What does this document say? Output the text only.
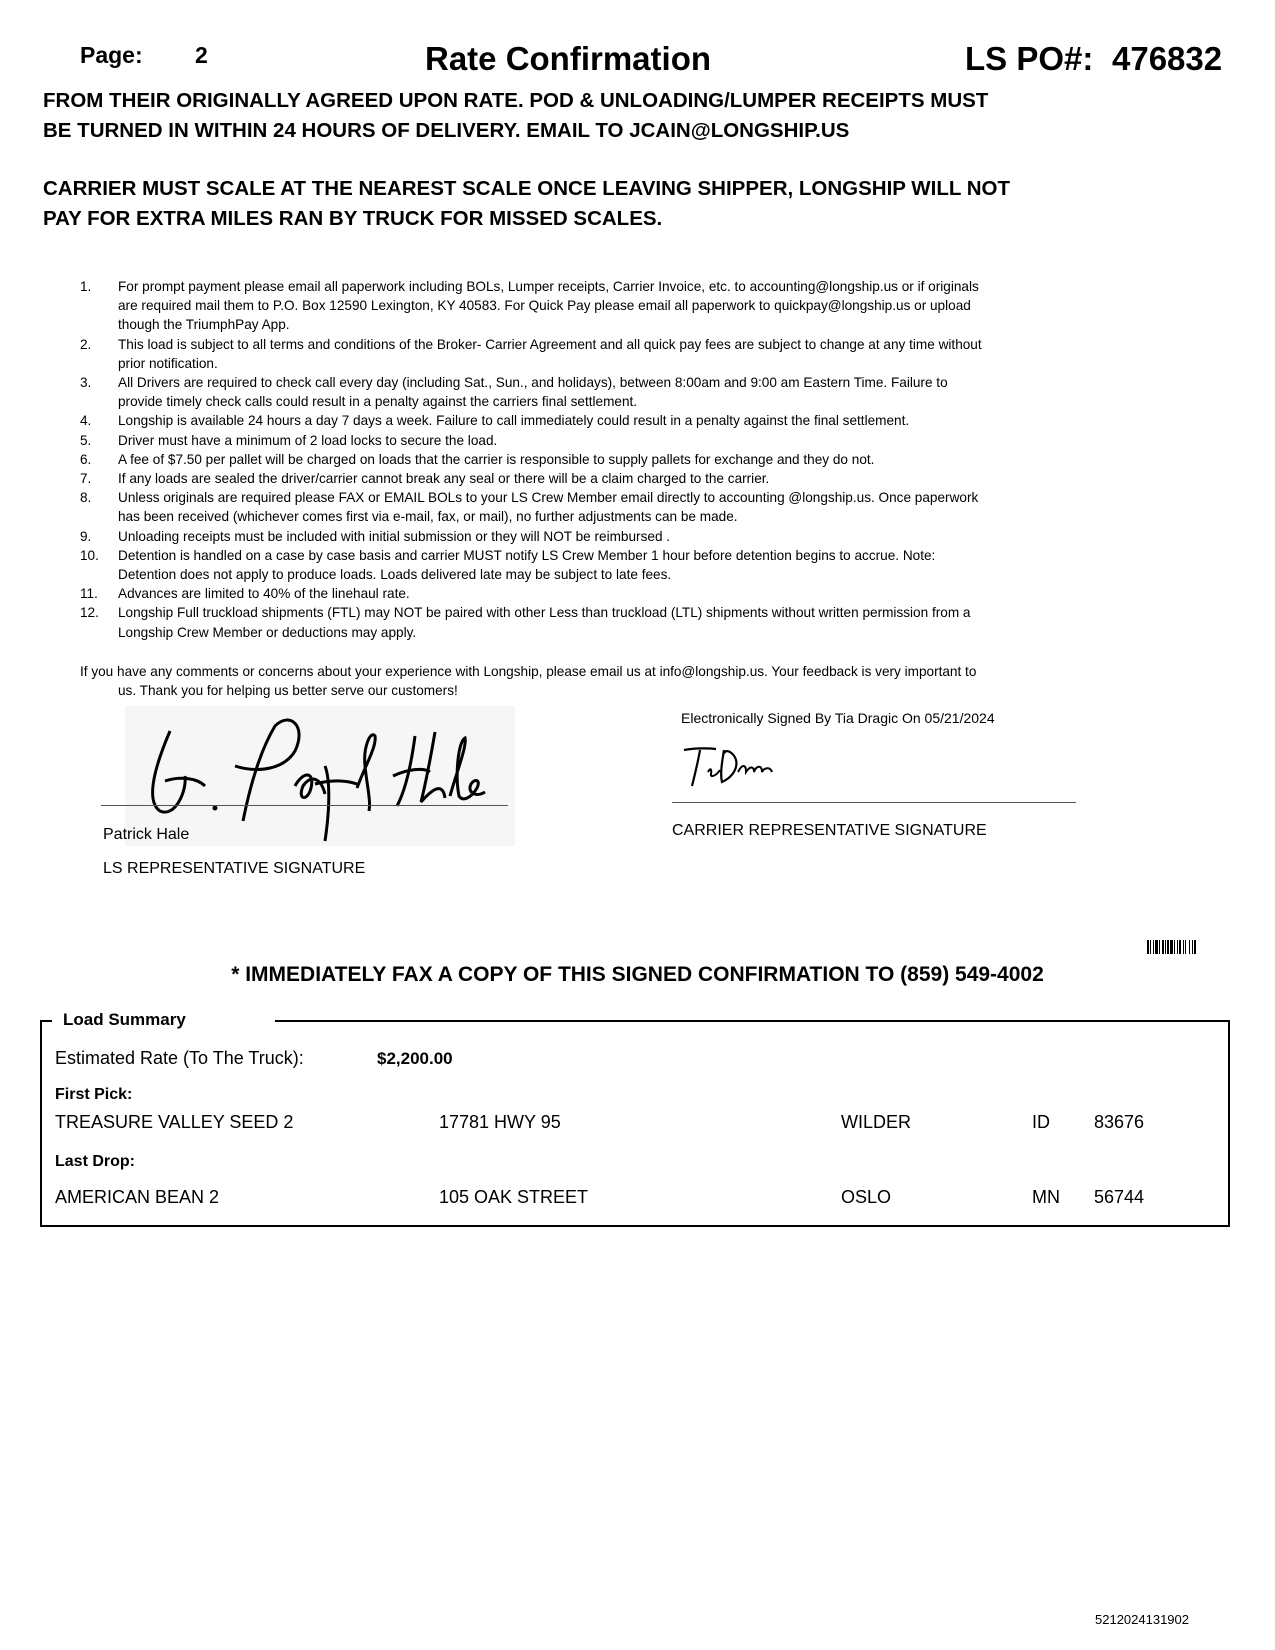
Page: 2	Rate Confirmation	LS PO#: 476832
FROM THEIR ORIGINALLY AGREED UPON RATE. POD & UNLOADING/LUMPER RECEIPTS MUST
BE TURNED IN WITHIN 24 HOURS OF DELIVERY. EMAIL TO JCAIN@LONGSHIP.US
CARRIER MUST SCALE AT THE NEAREST SCALE ONCE LEAVING SHIPPER, LONGSHIP WILL NOT
PAY FOR EXTRA MILES RAN BY TRUCK FOR MISSED SCALES.
1.	For prompt payment please email all paperwork including BOLs, Lumper receipts, Carrier Invoice, etc. to accounting@longship.us or if originals
are required mail them to P.O. Box 12590 Lexington, KY 40583. For Quick Pay please email all paperwork to quickpay@longship.us or upload
though the TriumphPay App.
2.	This load is subject to all terms and conditions of the Broker- Carrier Agreement and all quick pay fees are subject to change at any time without
prior notification.
3.	All Drivers are required to check call every day (including Sat., Sun., and holidays), between 8:00am and 9:00 am Eastern Time. Failure to
provide timely check calls could result in a penalty against the carriers final settlement.
4.	Longship is available 24 hours a day 7 days a week. Failure to call immediately could result in a penalty against the final settlement.
5.	Driver must have a minimum of 2 load locks to secure the load.
6.	A fee of $7.50 per pallet will be charged on loads that the carrier is responsible to supply pallets for exchange and they do not.
7.	If any loads are sealed the driver/carrier cannot break any seal or there will be a claim charged to the carrier.
8.	Unless originals are required please FAX or EMAIL BOLs to your LS Crew Member email directly to accounting @longship.us. Once paperwork
has been received (whichever comes first via e-mail, fax, or mail), no further adjustments can be made.
9.	Unloading receipts must be included with initial submission or they will NOT be reimbursed .
10.	Detention is handled on a case by case basis and carrier MUST notify LS Crew Member 1 hour before detention begins to accrue. Note:
Detention does not apply to produce loads. Loads delivered late may be subject to late fees.
11.	Advances are limited to 40% of the linehaul rate.
12.	Longship Full truckload shipments (FTL) may NOT be paired with other Less than truckload (LTL) shipments without written permission from a
Longship Crew Member or deductions may apply.
If you have any comments or concerns about your experience with Longship, please email us at info@longship.us. Your feedback is very important to
us. Thank you for helping us better serve our customers!
Patrick Hale
LS REPRESENTATIVE SIGNATURE
Electronically Signed By Tia Dragic On 05/21/2024
CARRIER REPRESENTATIVE SIGNATURE
* IMMEDIATELY FAX A COPY OF THIS SIGNED CONFIRMATION TO (859) 549-4002
Load Summary
Estimated Rate (To The Truck):	$2,200.00
First Pick:
TREASURE VALLEY SEED 2	17781 HWY 95	WILDER	ID 83676
Last Drop:
AMERICAN BEAN 2	105 OAK STREET	OSLO	MN 56744
5212024131902
